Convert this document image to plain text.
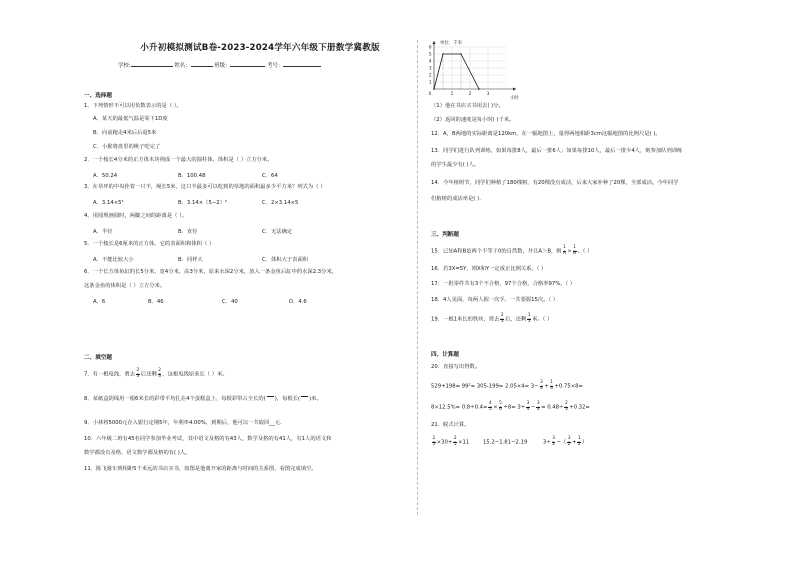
小升初模拟测试B卷-2023-2024学年六年级下册数学冀教版
学校:	姓名：	班级：	考号：
一、选择题
1．下列情形不可以用负数表示的是（ ）。
A．某天的最低气温是零下1D度
B．向前跑走4米后后退5米
C．小猴将盘里的桃子吃完了
2．一个棱长4分米的正方体木块削成一个最大的圆柱体，体积是（ ）立方分米。
A．50.24	B．100.48	C．64
3．在草坪的中央拴着一只羊，绳长5米，这只羊最多可以吃到的草地的面积最多少平方米？列式为（ ）
A．3.14×5²	B．3.14×（5−2）²	C．2×3.14×5
4．用圆规画圆时，两脚之间的距离是（ ）。
A．半径	B．直径	C．无法确定
5．一个棱长是6厘米的正方体，它的表面积和体积（ ）
A．不能比较大小	B．同样大	C．体积大于表面积
6．一个长方体鱼缸的长5分米，宽4分米，高3分米，原来水深2分米，放入一条金鱼后缸中的水深2.3分米，
这条金鱼的体积是（ ）立方分米。
A．6	B．46	C．40	D．4.6
二、填空题
7．有一根电线，剪去 $\frac{2}{3}$ 后还剩 $\frac{2}{3}$ ，这根电线原来长（ ）米。
8．某纸盒阴线用一根6米长的彩带平均扎在4个蛋糕盒上，每根彩带占全长的( )，每根长( )米。
9．小林将5000元存入银行定期5年，年利率4.00%，到期后，他可以一共取回__元.
10．六年级二班有45名同学参加毕业考试，其中语文及格的有43人，数学及格的有41人，有1人的语文和
数学都没有及格，语文数学都及格的有( )人。
11．陈飞骑车到相距5千米远的书店买书，如图是他离开家的距离与时间的关系图，看图完成填空。
1
2
3
4
5
6
1	2	3
0
单位：千米
小时
（1）他在书店买书用去( )分。
（2）返回的速度是每小时( )千米。
12．A，B两地的实际距离是120km，在一幅地图上，量得两地相距3cm这幅地图的比例尺是( )。
13．同学们进行队列训练，如果每排8人，最后一排6人；如果每排10人，最后一排少4人，则参加队列训练
的学生最少有( )人。
14．今年植树节，同学们种植了180棵树，有20棵没有成活，后来大家补种了20棵，全部成活。今年同学
们植树的成活率是( ).
三、判断题
15．已知A和B是两个不等于0的自然数，并且A＞B，则 $\frac{1}{A} > \frac{1}{B}$ 。（ ）
16．若3X=5Y，则X和Y一定成正比例关系。（ ）
17．一批零件共有3个不合格，97个合格，合格率97%。（ ）
18．4人见面，每两人握一次手，一共要握15次。（ ）
19．一根1米长的铁丝，剪去 $\frac{2}{3}$ 后，还剩 $\frac{1}{3}$ 米。（ ）
四、计算题
20．直接写出得数。
$529+198= 99^2= 305-199= 2.05\times 4= 3- \frac{3}{4} + \frac{1}{4} +0.75\times 8=$
$8\times 12.5\%= 0.8\div 0.4= \frac{4}{5} \times \frac{5}{6} \div 8= 3\div \frac{3}{4} - \frac{3}{4} = 0.48\div \frac{2}{3} +0.32=$
21．脱式计算。
$\frac{2}{5} \times 30+ \frac{2}{5} \times 11$	15.2−1.81−2.19	$3\div \frac{3}{2}$ −（ $\frac{3}{2} + \frac{1}{2}$ ）
